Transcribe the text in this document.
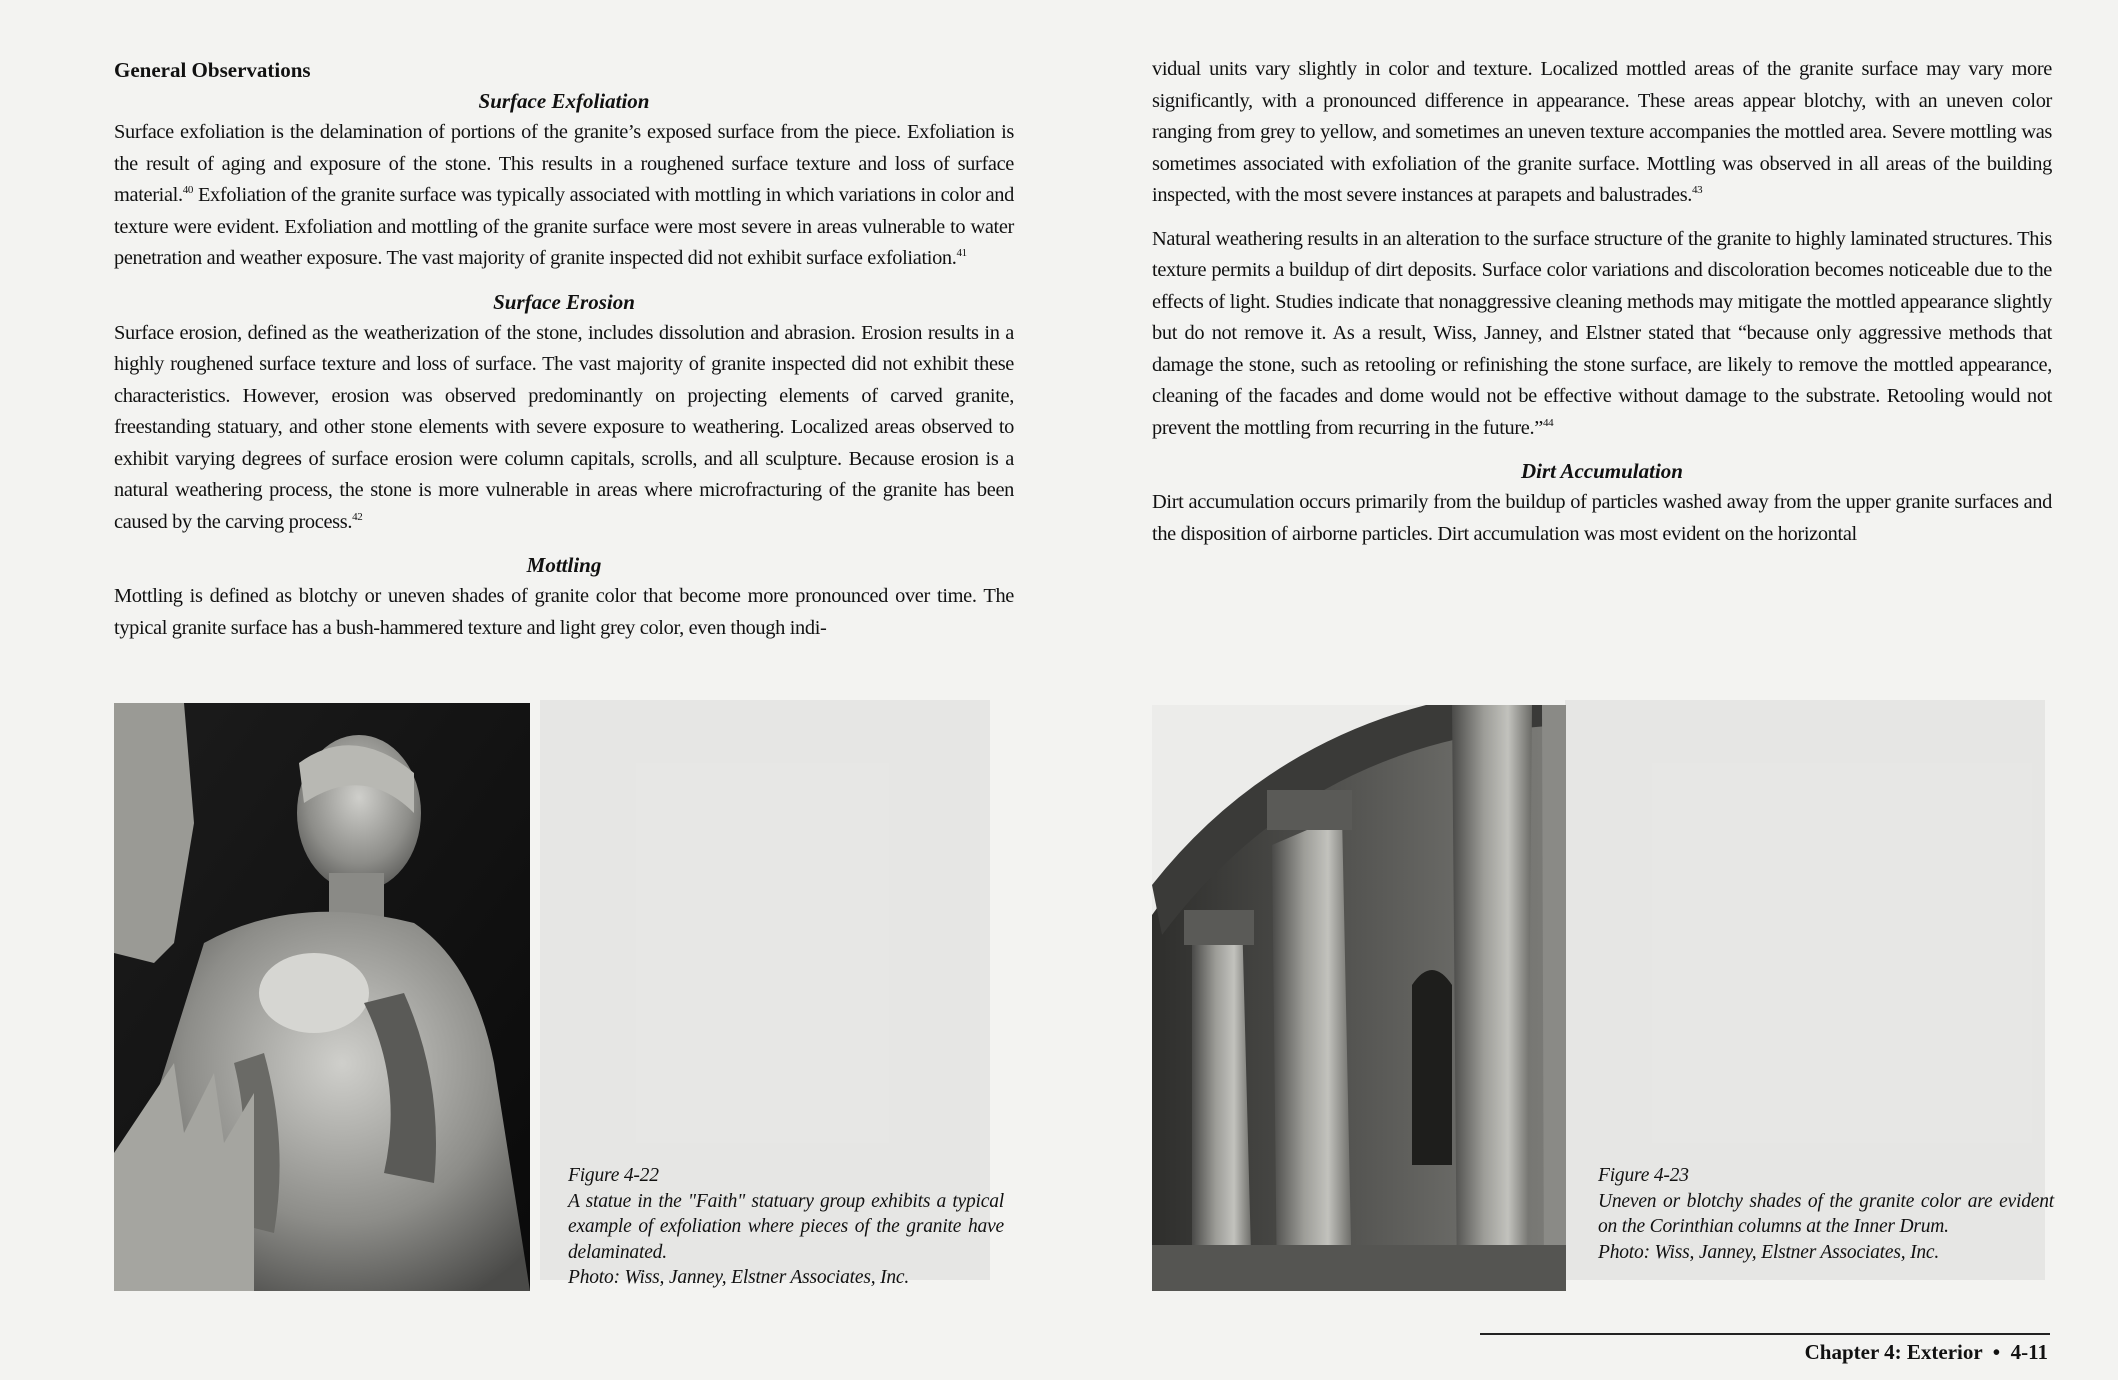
General Observations
Surface Exfoliation

Surface exfoliation is the delamination of portions of the granite’s exposed surface from the piece. Exfoliation is the result of aging and exposure of the stone. This results in a roughened surface texture and loss of surface material.$^{40}$ Exfoliation of the granite surface was typically associated with mottling in which variations in color and texture were evident. Exfoliation and mottling of the granite surface were most severe in areas vulnerable to water penetration and weather exposure. The vast majority of granite inspected did not exhibit surface exfoliation.$^{41}$

Surface Erosion

Surface erosion, defined as the weatherization of the stone, includes dissolution and abrasion. Erosion results in a highly roughened surface texture and loss of surface. The vast majority of granite inspected did not exhibit these characteristics. However, erosion was observed predominantly on projecting elements of carved granite, freestanding statuary, and other stone elements with severe exposure to weathering. Localized areas observed to exhibit varying degrees of surface erosion were column capitals, scrolls, and all sculpture. Because erosion is a natural weathering process, the stone is more vulnerable in areas where microfracturing of the granite has been caused by the carving process.$^{42}$

Mottling

Mottling is defined as blotchy or uneven shades of granite color that become more pronounced over time. The typical granite surface has a bush-hammered texture and light grey color, even though indi-

vidual units vary slightly in color and texture. Localized mottled areas of the granite surface may vary more significantly, with a pronounced difference in appearance. These areas appear blotchy, with an uneven color ranging from grey to yellow, and sometimes an uneven texture accompanies the mottled area. Severe mottling was sometimes associated with exfoliation of the granite surface. Mottling was observed in all areas of the building inspected, with the most severe instances at parapets and balustrades.$^{43}$

Natural weathering results in an alteration to the surface structure of the granite to highly laminated structures. This texture permits a buildup of dirt deposits. Surface color variations and discoloration becomes noticeable due to the effects of light. Studies indicate that nonaggressive cleaning methods may mitigate the mottled appearance slightly but do not remove it. As a result, Wiss, Janney, and Elstner stated that “because only aggressive methods that damage the stone, such as retooling or refinishing the stone surface, are likely to remove the mottled appearance, cleaning of the facades and dome would not be effective without damage to the substrate. Retooling would not prevent the mottling from recurring in the future.”$^{44}$

Dirt Accumulation

Dirt accumulation occurs primarily from the buildup of particles washed away from the upper granite surfaces and the disposition of airborne particles. Dirt accumulation was most evident on the horizontal

Figure 4-22
A statue in the "Faith" statuary group exhibits a typical example of exfoliation where pieces of the granite have delaminated.
Photo: Wiss, Janney, Elstner Associates, Inc.
Figure 4-23
Uneven or blotchy shades of the granite color are evident on the Corinthian columns at the Inner Drum.
Photo: Wiss, Janney, Elstner Associates, Inc.
Chapter 4: Exterior  •  4-11
